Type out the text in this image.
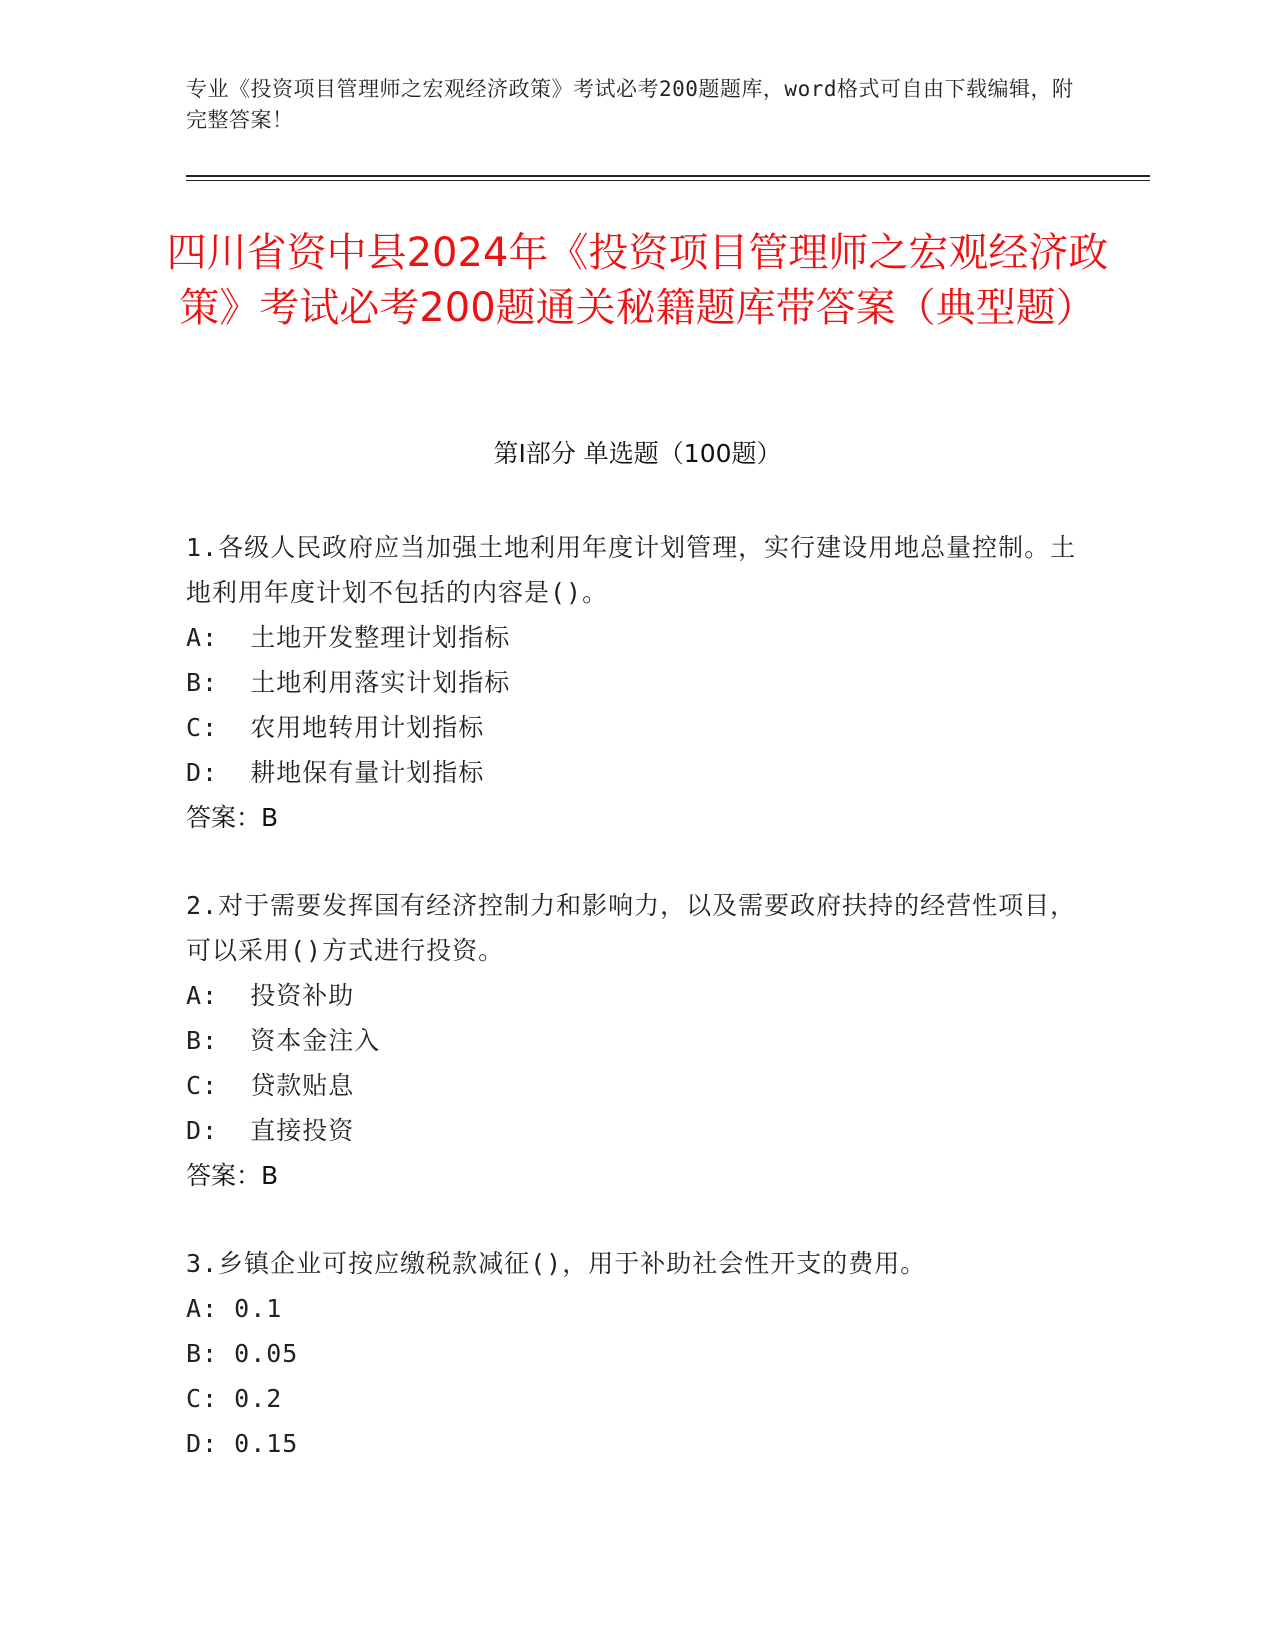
专业《投资项目管理师之宏观经济政策》考试必考200题题库，word格式可自由下载编辑，附完整答案！
四川省资中县2024年《投资项目管理师之宏观经济政策》考试必考200题通关秘籍题库带答案（典型题）
第I部分 单选题（100题）
1.各级人民政府应当加强土地利用年度计划管理，实行建设用地总量控制。土地利用年度计划不包括的内容是()。
A:  土地开发整理计划指标
B:  土地利用落实计划指标
C:  农用地转用计划指标
D:  耕地保有量计划指标
答案：B
2.对于需要发挥国有经济控制力和影响力，以及需要政府扶持的经营性项目，可以采用()方式进行投资。
A:  投资补助
B:  资本金注入
C:  贷款贴息
D:  直接投资
答案：B
3.乡镇企业可按应缴税款减征()，用于补助社会性开支的费用。
A: 0.1
B: 0.05
C: 0.2
D: 0.15
